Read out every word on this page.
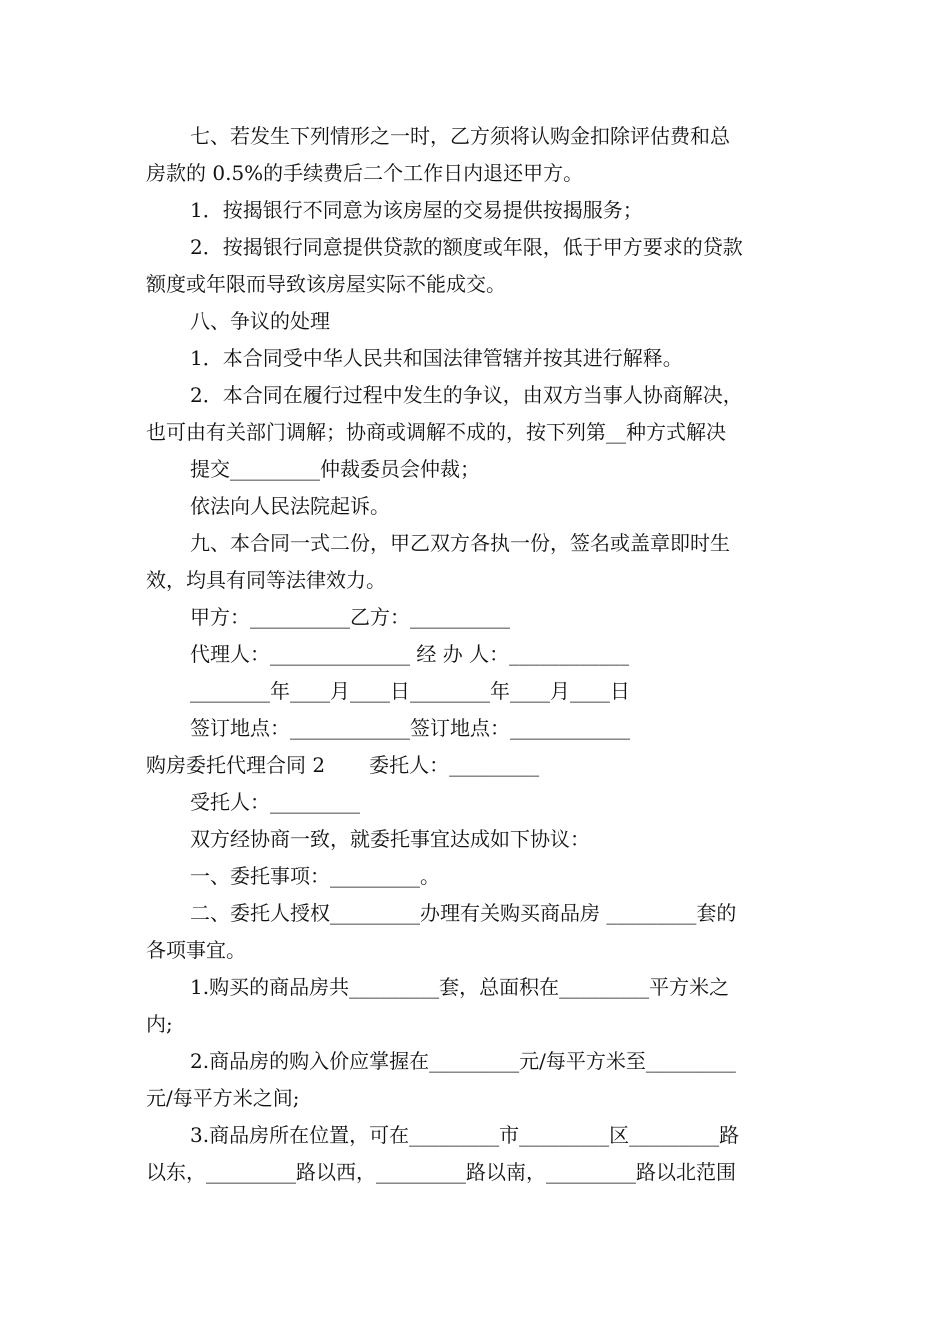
七、若发生下列情形之一时，乙方须将认购金扣除评估费和总

房款的 0.5%的手续费后二个工作日内退还甲方。

1．按揭银行不同意为该房屋的交易提供按揭服务；

2．按揭银行同意提供贷款的额度或年限，低于甲方要求的贷款

额度或年限而导致该房屋实际不能成交。

八、争议的处理

1．本合同受中华人民共和国法律管辖并按其进行解释。

2．本合同在履行过程中发生的争议，由双方当事人协商解决，

也可由有关部门调解；协商或调解不成的，按下列第__种方式解决

提交_________仲裁委员会仲裁；

依法向人民法院起诉。

九、本合同一式二份，甲乙双方各执一份，签名或盖章即时生

效，均具有同等法律效力。

甲方：__________乙方：__________

代理人：______________ 经 办 人：____________

________年____月____日________年____月____日

签订地点：____________签订地点：____________

购房委托代理合同 2 委托人：_________

受托人：_________

双方经协商一致，就委托事宜达成如下协议：

一、委托事项：_________。

二、委托人授权_________办理有关购买商品房 _________套的

各项事宜。

1.购买的商品房共_________套，总面积在_________平方米之

内;

2.商品房的购入价应掌握在_________元/每平方米至_________

元/每平方米之间;

3.商品房所在位置，可在_________市_________区_________路

以东，_________路以西，_________路以南，_________路以北范围
